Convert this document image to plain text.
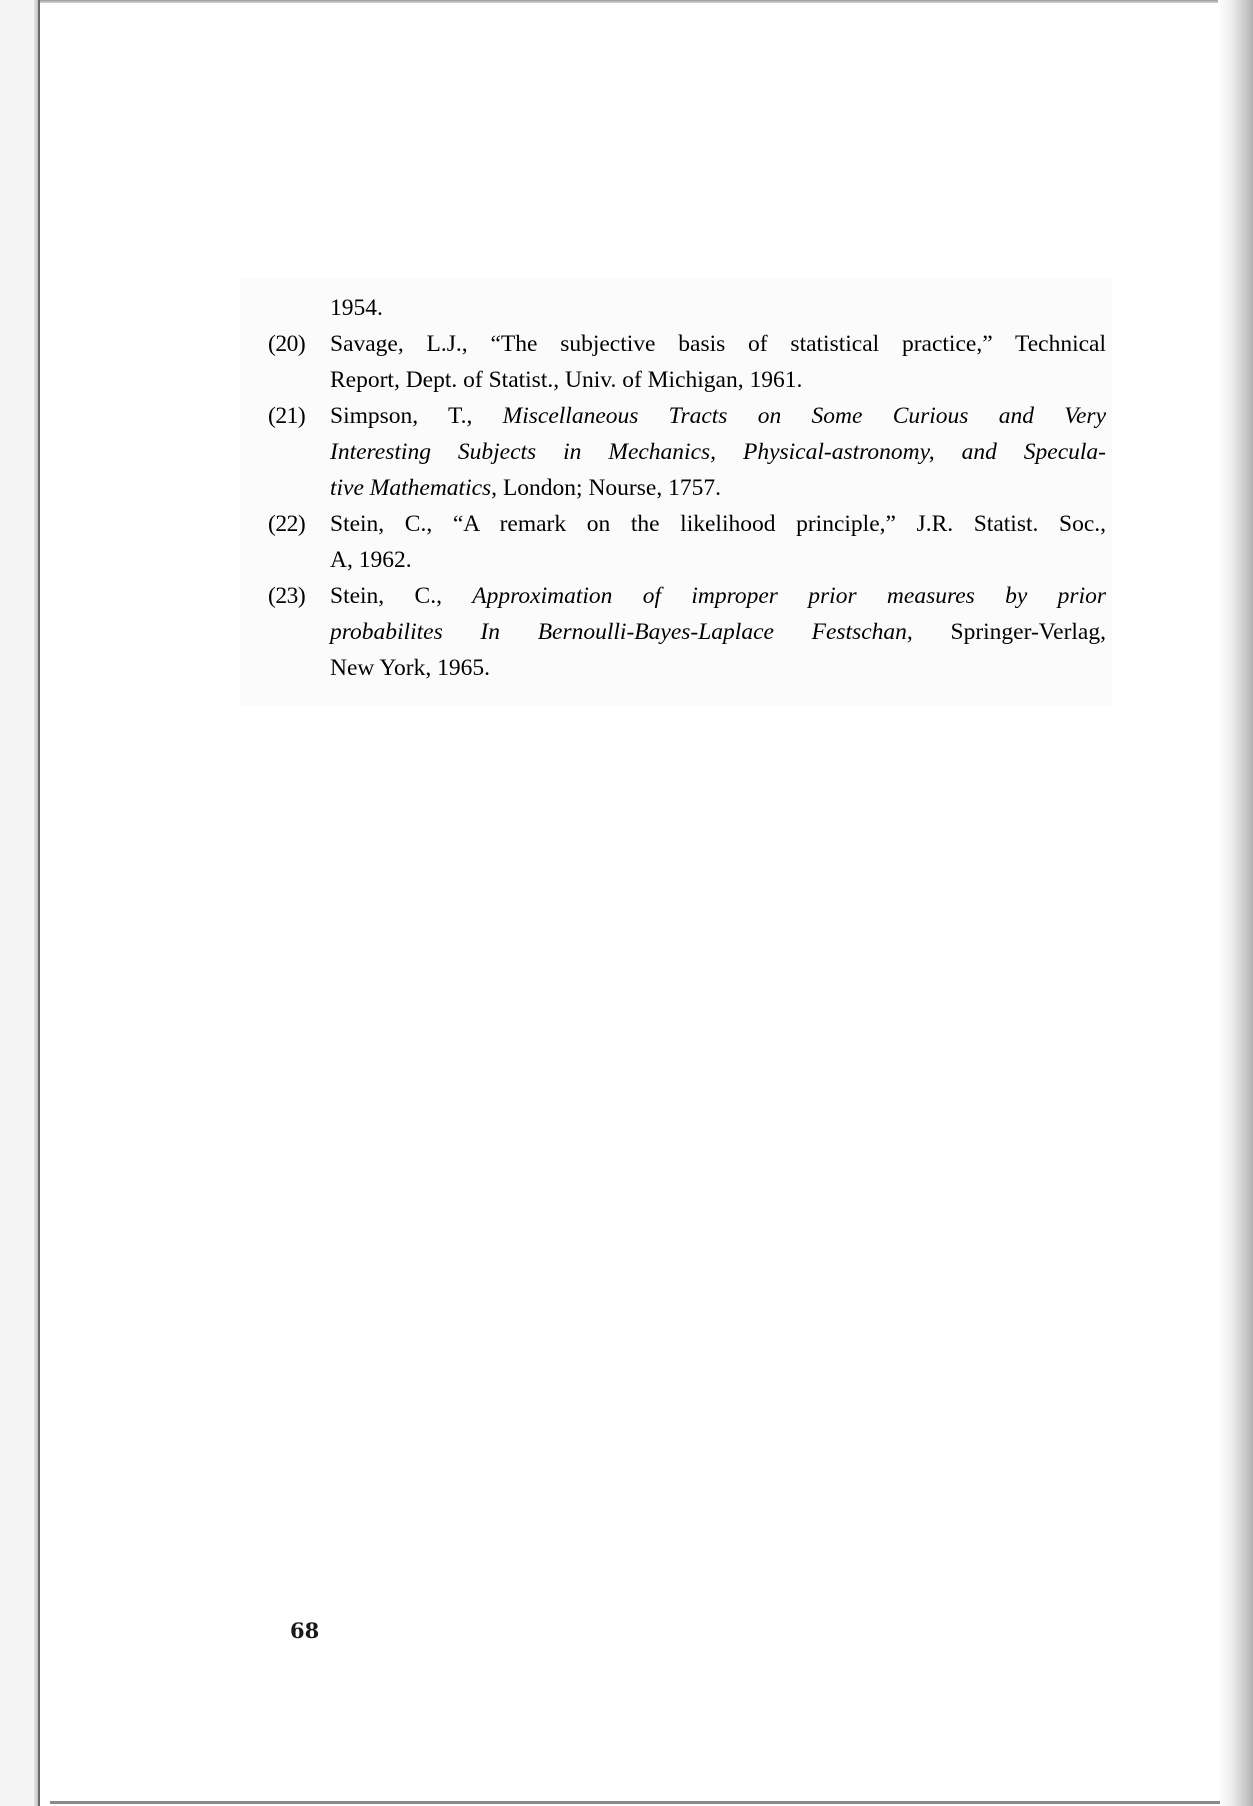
1954.
(20) Savage, L.J., “The subjective basis of statistical practice,” Technical
Report, Dept. of Statist., Univ. of Michigan, 1961.
(21) Simpson, T., Miscellaneous Tracts on Some Curious and Very
Interesting Subjects in Mechanics, Physical-astronomy, and Specula-
tive Mathematics, London; Nourse, 1757.
(22) Stein, C., “A remark on the likelihood principle,” J.R. Statist. Soc.,
A, 1962.
(23) Stein, C., Approximation of improper prior measures by prior
probabilites In Bernoulli-Bayes-Laplace Festschan, Springer-Verlag,
New York, 1965.
68
